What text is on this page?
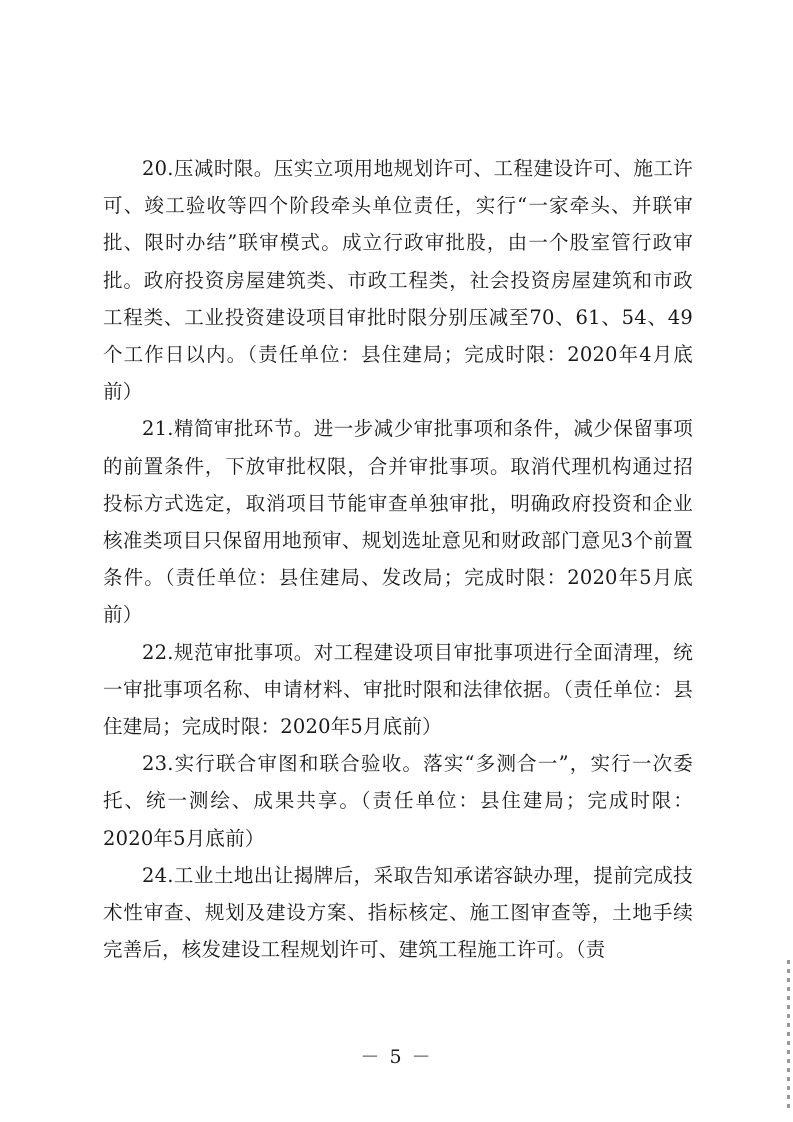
20.压减时限。压实立项用地规划许可、工程建设许可、施工许可、竣工验收等四个阶段牵头单位责任，实行“一家牵头、并联审批、限时办结”联审模式。成立行政审批股，由一个股室管行政审批。政府投资房屋建筑类、市政工程类，社会投资房屋建筑和市政工程类、工业投资建设项目审批时限分别压减至70、61、54、49个工作日以内。（责任单位：县住建局；完成时限：2020年4月底前）

21.精简审批环节。进一步减少审批事项和条件，减少保留事项的前置条件，下放审批权限，合并审批事项。取消代理机构通过招投标方式选定，取消项目节能审查单独审批，明确政府投资和企业核准类项目只保留用地预审、规划选址意见和财政部门意见3个前置条件。（责任单位：县住建局、发改局；完成时限：2020年5月底前）

22.规范审批事项。对工程建设项目审批事项进行全面清理，统一审批事项名称、申请材料、审批时限和法律依据。（责任单位：县住建局；完成时限：2020年5月底前）

23.实行联合审图和联合验收。落实“多测合一”，实行一次委托、统一测绘、成果共享。（责任单位：县住建局；完成时限：2020年5月底前）

24.工业土地出让揭牌后，采取告知承诺容缺办理，提前完成技术性审查、规划及建设方案、指标核定、施工图审查等，土地手续完善后，核发建设工程规划许可、建筑工程施工许可。（责

－ 5 －
